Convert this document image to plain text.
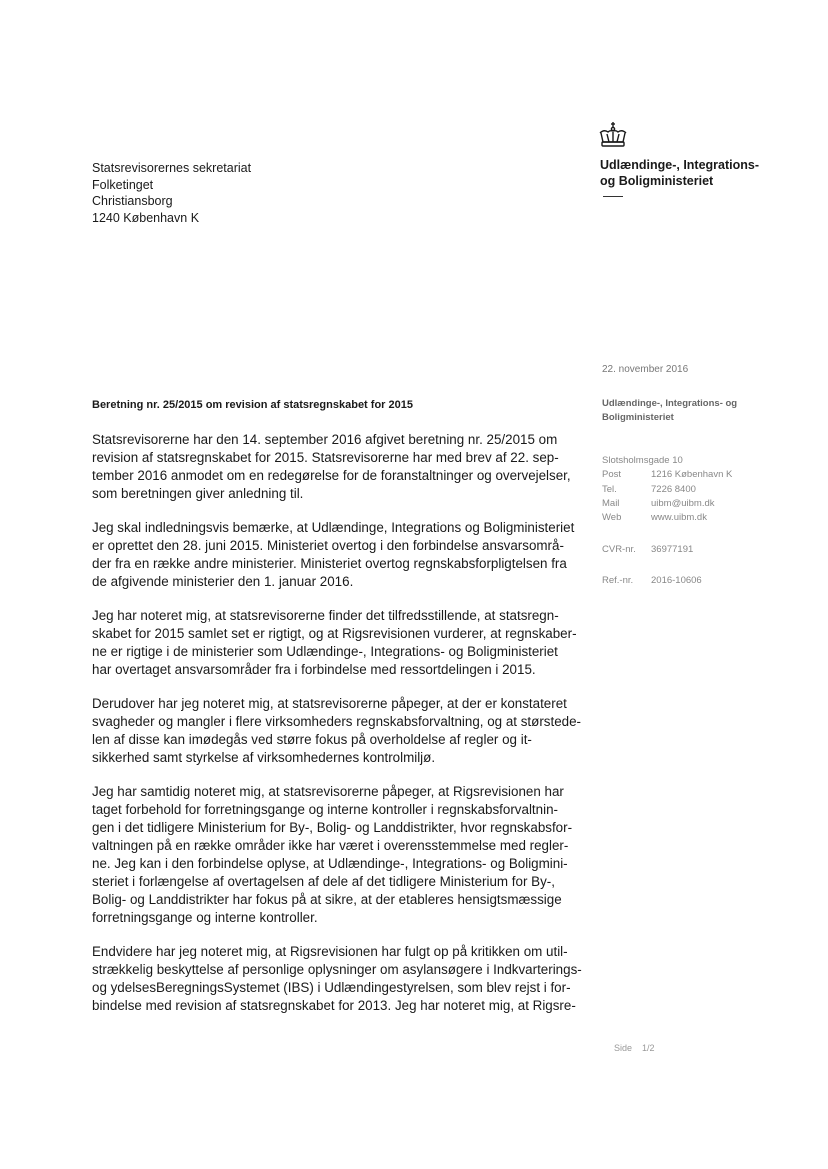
Statsrevisorernes sekretariat
Folketinget
Christiansborg
1240 København K
Udlændinge-, Integrations-
og Boligministeriet
22. november 2016
Udlændinge-, Integrations- og
Boligministeriet
Slotsholmsgade 10
Post	1216 København K
Tel.	7226 8400
Mail	uibm@uibm.dk
Web	www.uibm.dk
CVR-nr.	36977191
Ref.-nr.	2016-10606
Beretning nr. 25/2015 om revision af statsregnskabet for 2015

Statsrevisorerne har den 14. september 2016 afgivet beretning nr. 25/2015 om
revision af statsregnskabet for 2015. Statsrevisorerne har med brev af 22. sep-
tember 2016 anmodet om en redegørelse for de foranstaltninger og overvejelser,
som beretningen giver anledning til.

Jeg skal indledningsvis bemærke, at Udlændinge, Integrations og Boligministeriet
er oprettet den 28. juni 2015. Ministeriet overtog i den forbindelse ansvarsområ-
der fra en række andre ministerier. Ministeriet overtog regnskabsforpligtelsen fra
de afgivende ministerier den 1. januar 2016.

Jeg har noteret mig, at statsrevisorerne finder det tilfredsstillende, at statsregn-
skabet for 2015 samlet set er rigtigt, og at Rigsrevisionen vurderer, at regnskaber-
ne er rigtige i de ministerier som Udlændinge-, Integrations- og Boligministeriet
har overtaget ansvarsområder fra i forbindelse med ressortdelingen i 2015.

Derudover har jeg noteret mig, at statsrevisorerne påpeger, at der er konstateret
svagheder og mangler i flere virksomheders regnskabsforvaltning, og at størstede-
len af disse kan imødegås ved større fokus på overholdelse af regler og it-
sikkerhed samt styrkelse af virksomhedernes kontrolmiljø.

Jeg har samtidig noteret mig, at statsrevisorerne påpeger, at Rigsrevisionen har
taget forbehold for forretningsgange og interne kontroller i regnskabsforvaltnin-
gen i det tidligere Ministerium for By-, Bolig- og Landdistrikter, hvor regnskabsfor-
valtningen på en række områder ikke har været i overensstemmelse med regler-
ne. Jeg kan i den forbindelse oplyse, at Udlændinge-, Integrations- og Boligmini-
steriet i forlængelse af overtagelsen af dele af det tidligere Ministerium for By-,
Bolig- og Landdistrikter har fokus på at sikre, at der etableres hensigtsmæssige
forretningsgange og interne kontroller.

Endvidere har jeg noteret mig, at Rigsrevisionen har fulgt op på kritikken om util-
strækkelig beskyttelse af personlige oplysninger om asylansøgere i Indkvarterings-
og ydelsesBeregningsSystemet (IBS) i Udlændingestyrelsen, som blev rejst i for-
bindelse med revision af statsregnskabet for 2013. Jeg har noteret mig, at Rigsre-

Side 1/2
